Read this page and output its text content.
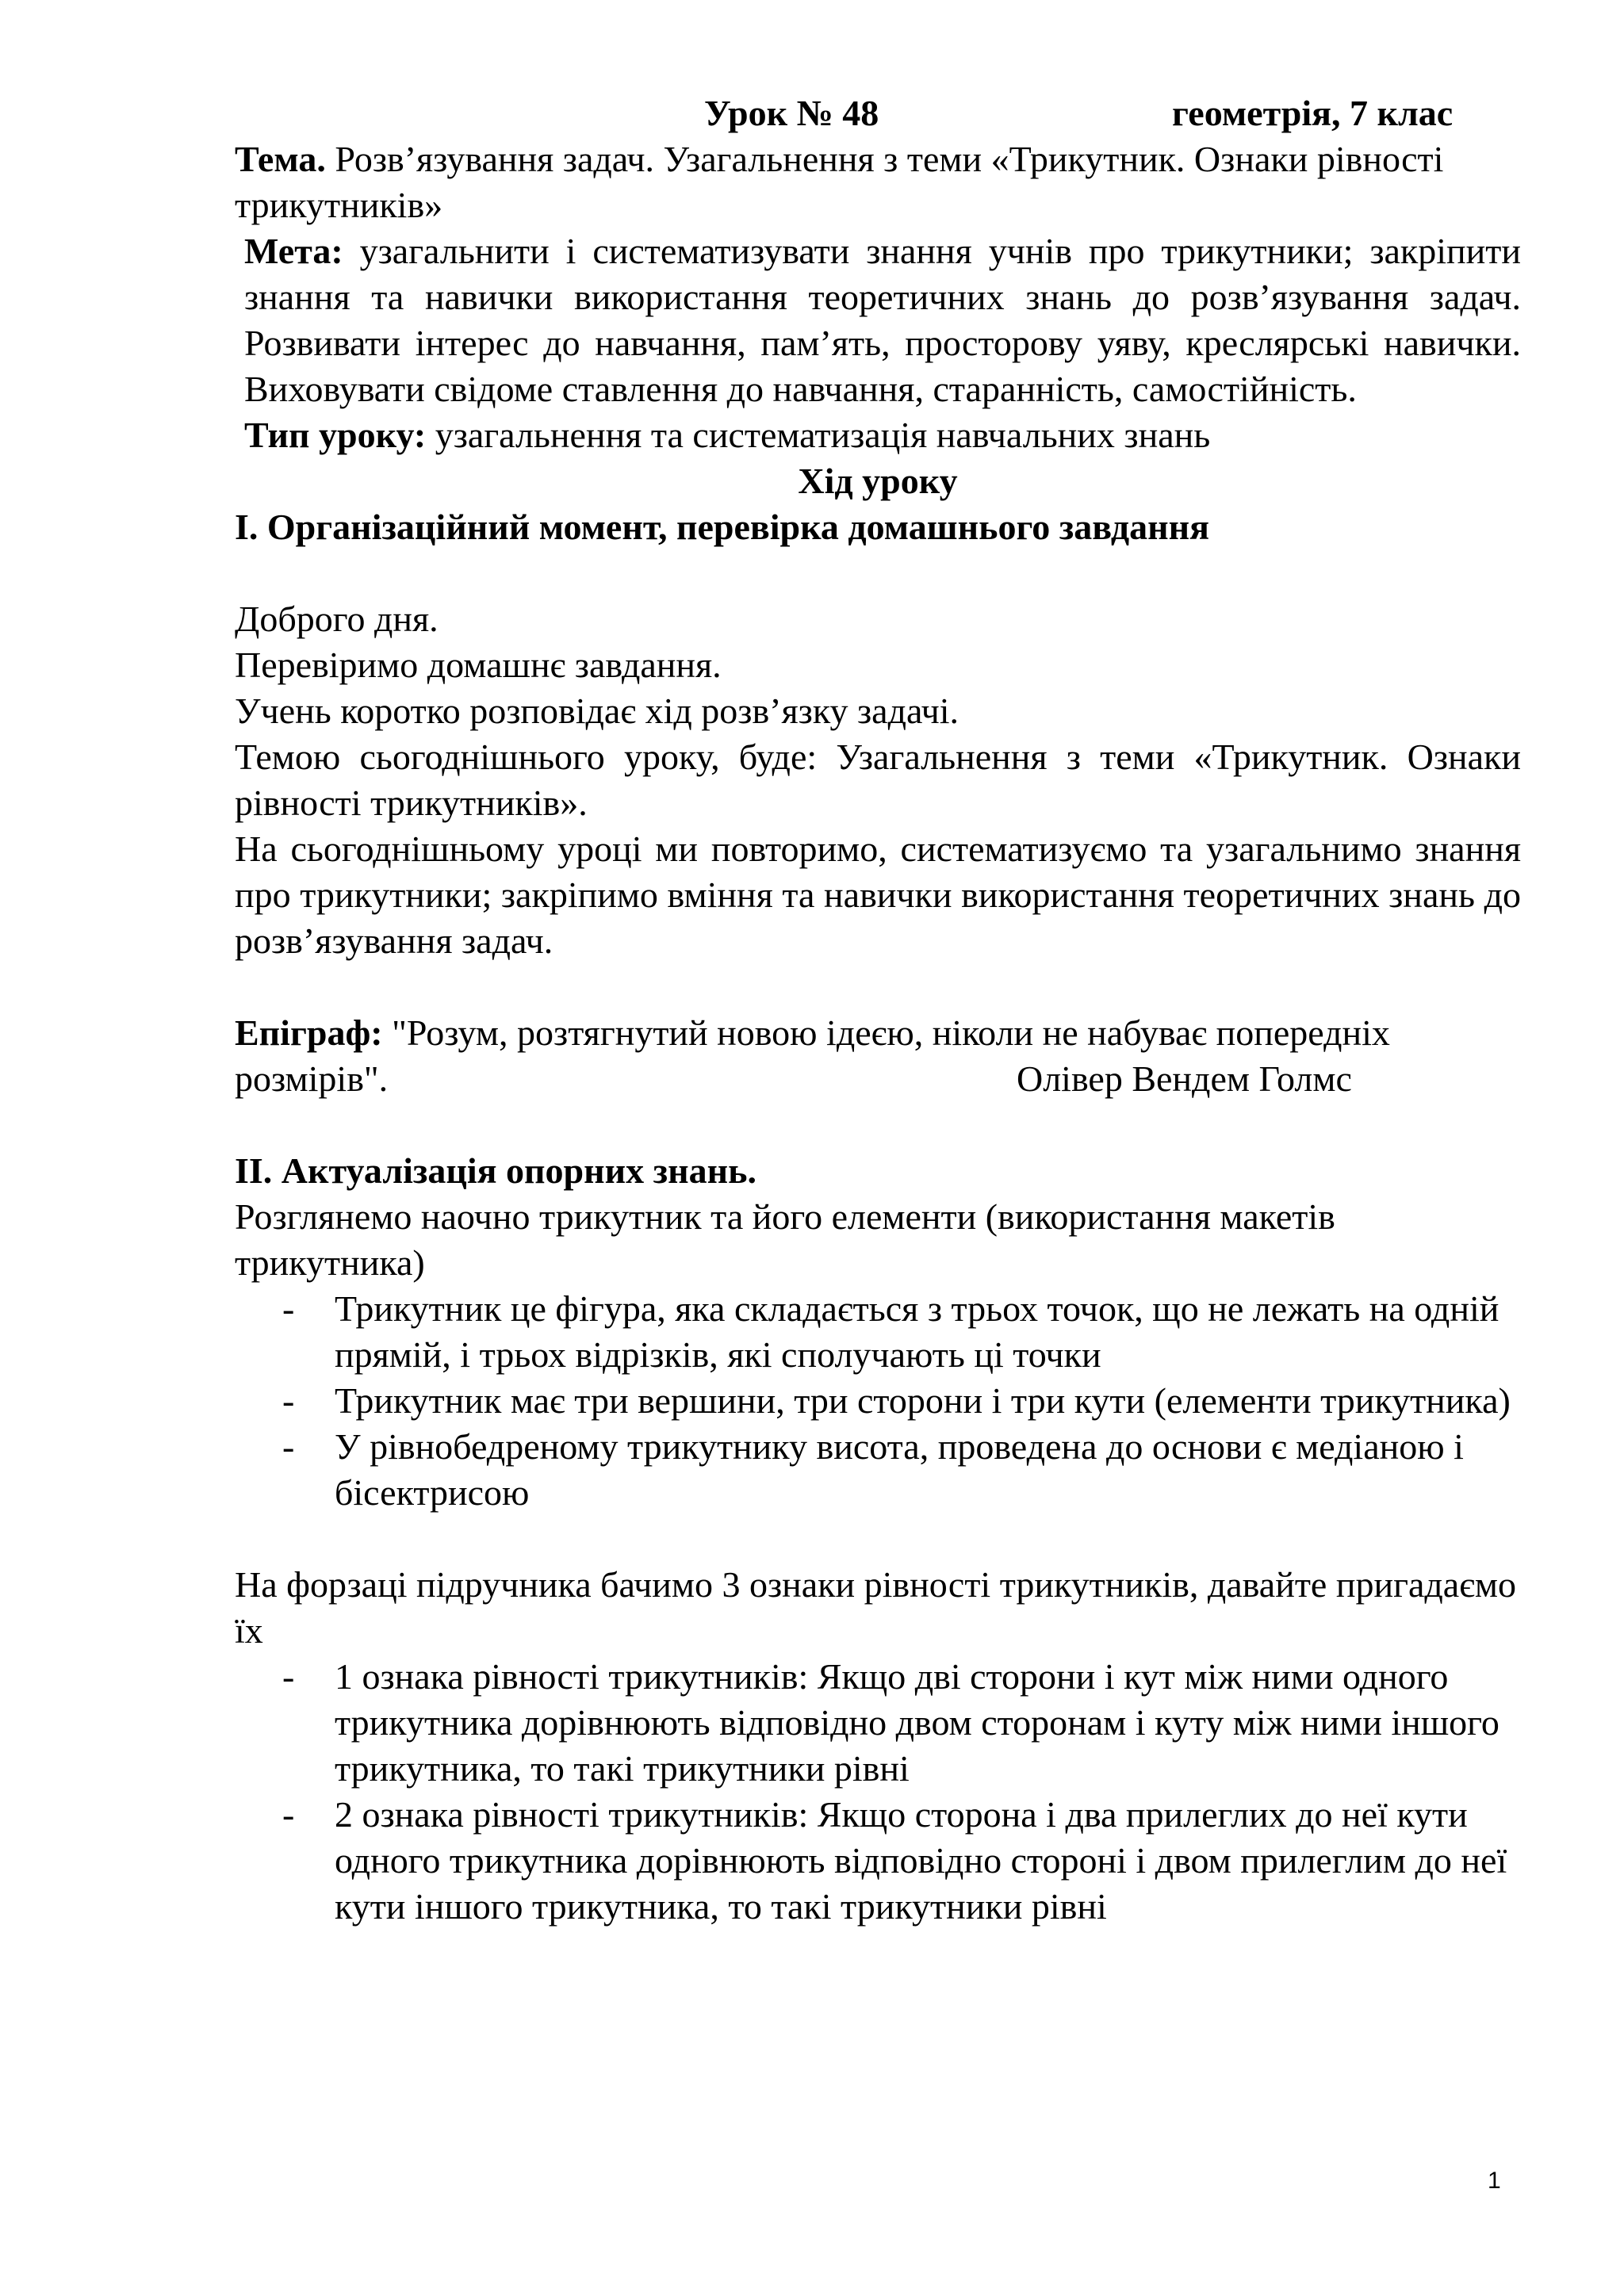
Урок № 48	геометрія, 7 клас
Тема. Розв’язування задач. Узагальнення з теми «Трикутник. Ознаки рівності трикутників»
Мета: узагальнити і систематизувати знання учнів про трикутники; закріпити знання та навички використання теоретичних знань до розв’язування задач. Розвивати інтерес до навчання, пам’ять, просторову уяву, креслярські навички. Виховувати свідоме ставлення до навчання, старанність, самостійність.
Тип уроку: узагальнення та систематизація навчальних знань
Хід уроку
І. Організаційний момент, перевірка домашнього завдання
Доброго дня.
Перевіримо домашнє завдання.
Учень коротко розповідає хід розв’язку задачі.
Темою сьогоднішнього уроку, буде: Узагальнення з теми «Трикутник. Ознаки рівності трикутників».
На сьогоднішньому уроці ми повторимо, систематизуємо та узагальнимо знання про трикутники; закріпимо вміння та навички використання теоретичних знань до розв’язування задач.
Епіграф: "Розум, розтягнутий новою ідеєю, ніколи не набуває попередніх
розмірів".	Олівер Вендем Голмс
ІІ. Актуалізація опорних знань.
Розглянемо наочно трикутник та його елементи (використання макетів трикутника)
- Трикутник це фігура, яка складається з трьох точок, що не лежать на одній прямій, і трьох відрізків, які сполучають ці точки
- Трикутник має три вершини, три сторони і три кути (елементи трикутника)
- У рівнобедреному трикутнику висота, проведена до основи є медіаною і бісектрисою
На форзаці підручника бачимо 3 ознаки рівності трикутників, давайте пригадаємо їх
- 1 ознака рівності трикутників: Якщо дві сторони і кут між ними одного трикутника дорівнюють відповідно двом сторонам і куту між ними іншого трикутника, то такі трикутники рівні
- 2 ознака рівності трикутників: Якщо сторона і два прилеглих до неї кути одного трикутника дорівнюють відповідно стороні і двом прилеглим до неї кути іншого трикутника, то такі трикутники рівні
1
